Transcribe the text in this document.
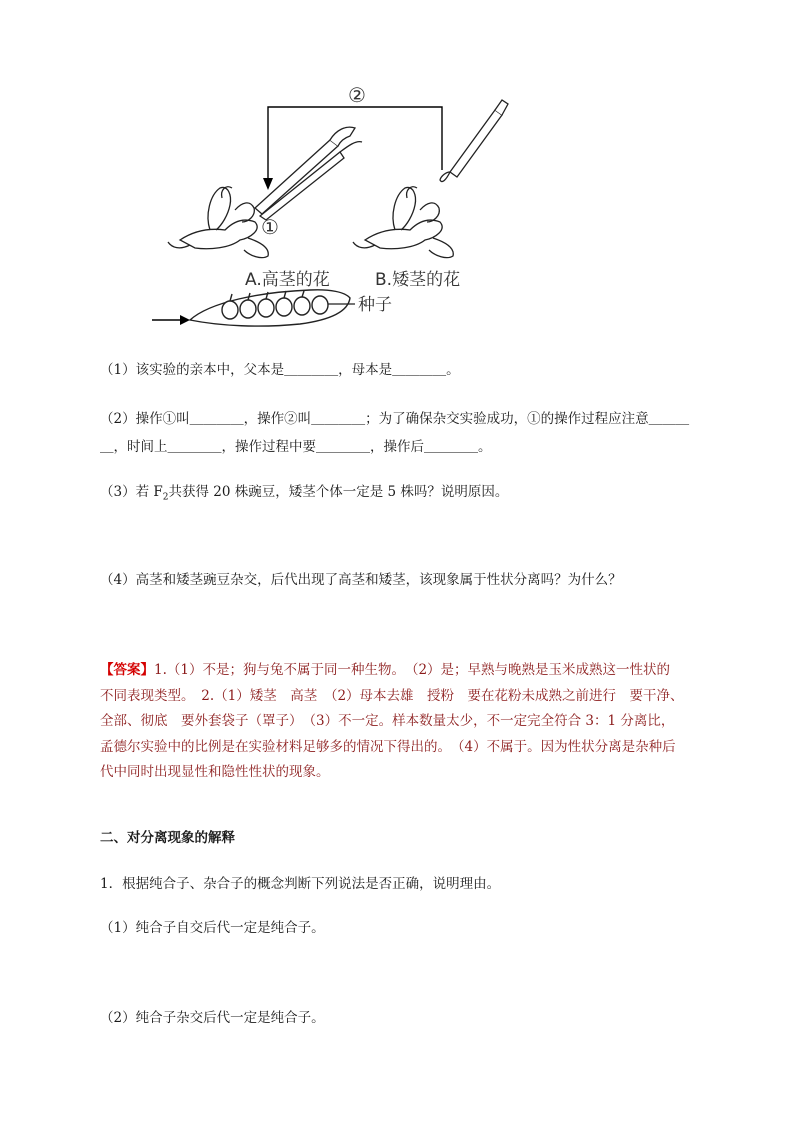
②
①
A.高茎的花	B.矮茎的花
种子
（1）该实验的亲本中，父本是＿＿＿＿，母本是＿＿＿＿。
（2）操作①叫＿＿＿＿，操作②叫＿＿＿＿；为了确保杂交实验成功，①的操作过程应注意＿＿＿
＿，时间上＿＿＿＿，操作过程中要＿＿＿＿，操作后＿＿＿＿。
（3）若 $F_2$共获得 20 株豌豆，矮茎个体一定是 5 株吗？说明原因。
（4）高茎和矮茎豌豆杂交，后代出现了高茎和矮茎，该现象属于性状分离吗？为什么？

【答案】1.（1）不是；狗与兔不属于同一种生物。　（2）是；早熟与晚熟是玉米成熟这一性状的

不同表现类型。　2.（1）矮茎　高茎　（2）母本去雄　授粉　要在花粉未成熟之前进行　要干净、

全部、彻底　要外套袋子（罩子）　（3）不一定。样本数量太少，不一定完全符合 3：1 分离比，

孟德尔实验中的比例是在实验材料足够多的情况下得出的。　（4）不属于。因为性状分离是杂种后

代中同时出现显性和隐性性状的现象。

二、对分离现象的解释
1．根据纯合子、杂合子的概念判断下列说法是否正确，说明理由。
（1）纯合子自交后代一定是纯合子。
（2）纯合子杂交后代一定是纯合子。
